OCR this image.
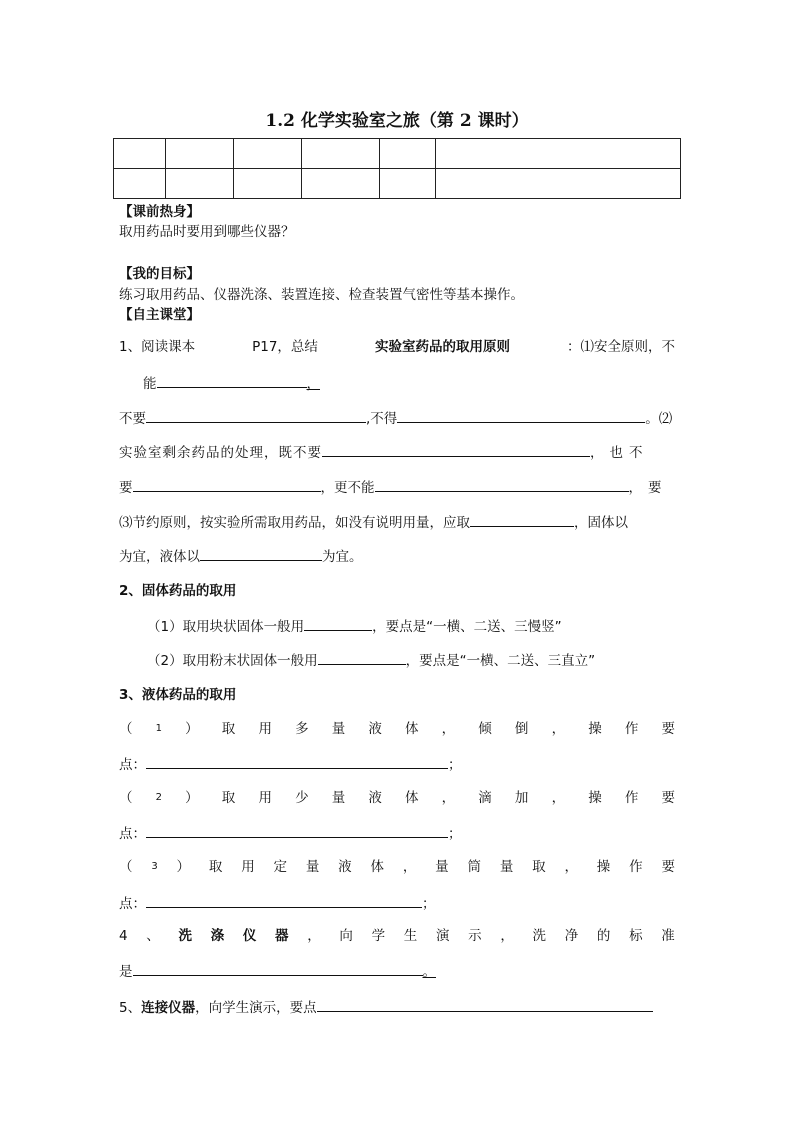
1.2 化学实验室之旅（第 2 课时）

【课前热身】
取用药品时要用到哪些仪器？
【我的目标】
练习取用药品、仪器洗涤、装置连接、检查装置气密性等基本操作。
【自主课堂】
1、阅读课本	P17，总结	实验室药品的取用原则	：⑴安全原则，不
能	，
不要	,不得	。⑵
实验室剩余药品的处理，既不要	，也不
要	，更不能	，要
⑶节约原则，按实验所需取用药品，如没有说明用量，应取	，固体以
为宜，液体以	为宜。
2、固体药品的取用
（1）取用块状固体一般用	，要点是“一横、二送、三慢竖”
（2）取用粉末状固体一般用	，要点是“一横、二送、三直立”
3、液体药品的取用
（ 1 ） 取 用 多 量 液 体 ， 倾 倒 ， 操 作 要
点：	；
（ 2 ） 取 用 少 量 液 体 ， 滴 加 ， 操 作 要
点：	；
（ 3 ） 取 用 定 量 液 体 ， 量 筒 量 取 ， 操 作 要
点：	；
4 、 洗 涤 仪 器 ， 向 学 生 演 示 ， 洗 净 的 标 准
是	。
5、连接仪器，向学生演示，要点
